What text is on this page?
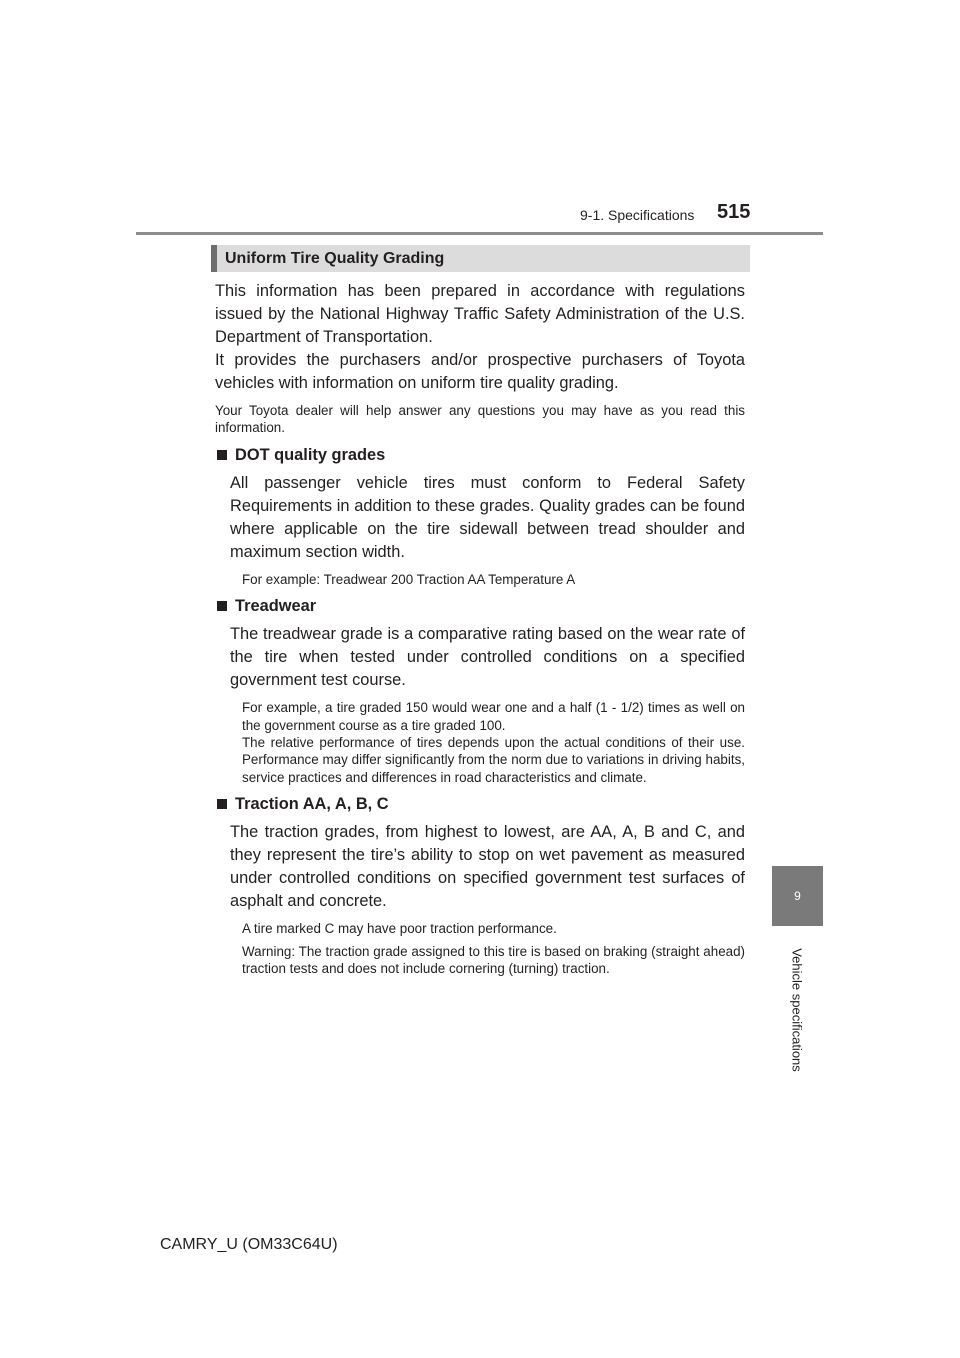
9-1. Specifications 515
9
Vehicle specifications
Uniform Tire Quality Grading

This information has been prepared in accordance with regulations issued by the National Highway Traffic Safety Administration of the U.S. Department of Transportation.

It provides the purchasers and/or prospective purchasers of Toyota vehicles with information on uniform tire quality grading.

Your Toyota dealer will help answer any questions you may have as you read this information.

DOT quality grades

All passenger vehicle tires must conform to Federal Safety Requirements in addition to these grades. Quality grades can be found where applicable on the tire sidewall between tread shoulder and maximum section width.

For example: Treadwear 200 Traction AA Temperature A

Treadwear

The treadwear grade is a comparative rating based on the wear rate of the tire when tested under controlled conditions on a specified government test course.

For example, a tire graded 150 would wear one and a half (1 - 1/2) times as well on the government course as a tire graded 100.

The relative performance of tires depends upon the actual conditions of their use. Performance may differ significantly from the norm due to variations in driving habits, service practices and differences in road characteristics and climate.

Traction AA, A, B, C

The traction grades, from highest to lowest, are AA, A, B and C, and they represent the tire’s ability to stop on wet pavement as measured under controlled conditions on specified government test surfaces of asphalt and concrete.

A tire marked C may have poor traction performance.

Warning: The traction grade assigned to this tire is based on braking (straight ahead) traction tests and does not include cornering (turning) traction.

CAMRY_U (OM33C64U)
